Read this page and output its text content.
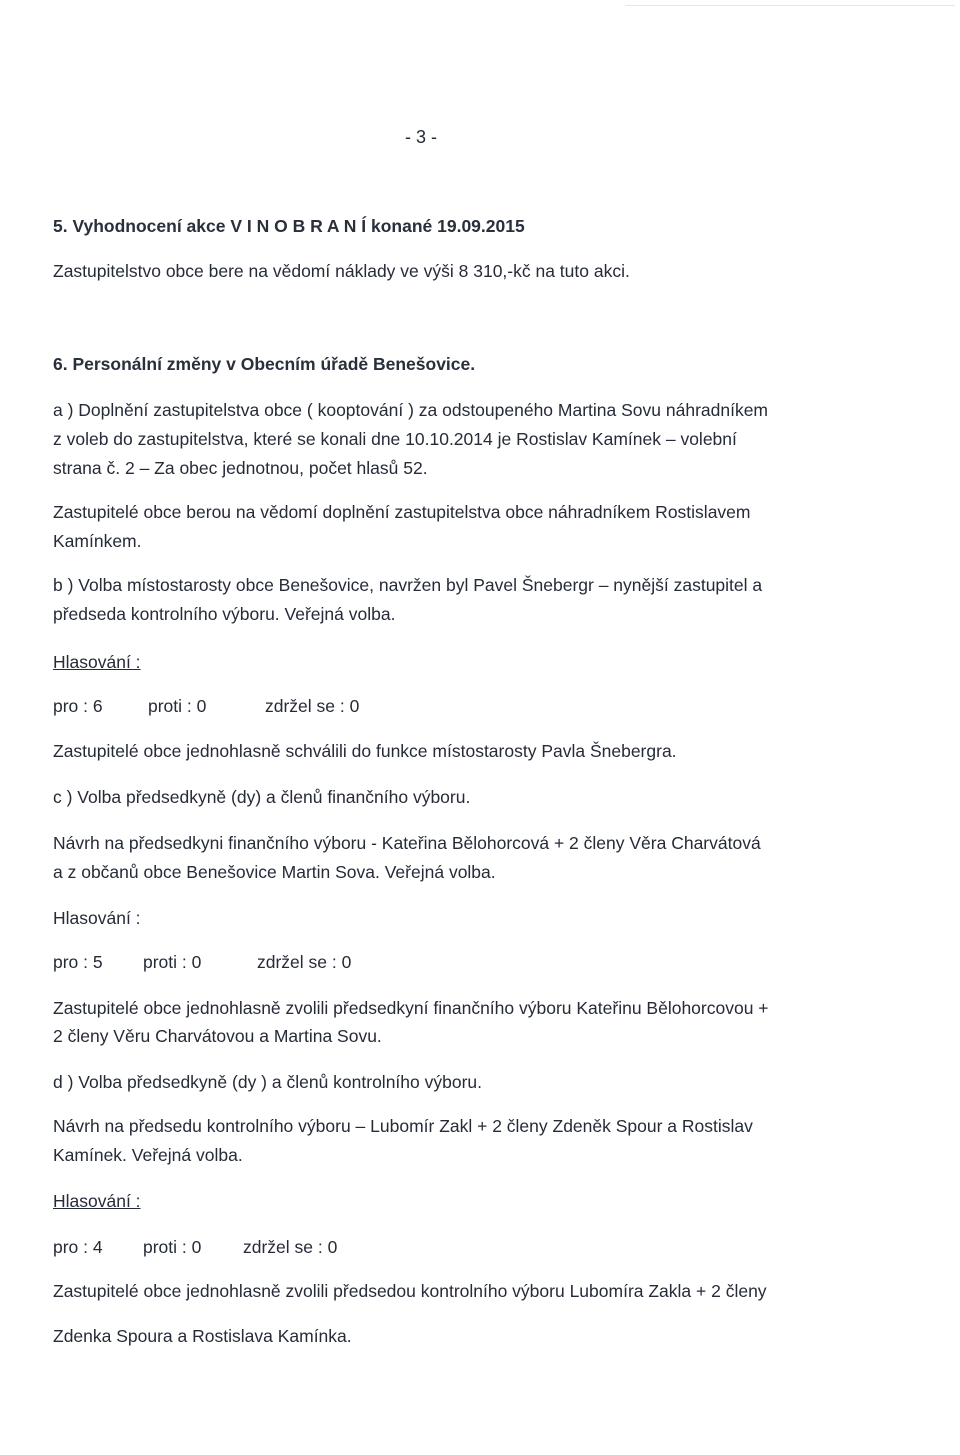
- 3 -
5. Vyhodnocení akce V I N O B R A N Í konané 19.09.2015
Zastupitelstvo obce bere na vědomí náklady ve výši 8 310,-kč na tuto akci.
6. Personální změny v Obecním úřadě Benešovice.
a ) Doplnění zastupitelstva obce ( kooptování ) za odstoupeného Martina Sovu náhradníkem
z voleb do zastupitelstva, které se konali dne 10.10.2014 je Rostislav Kamínek – volební
strana č. 2 – Za obec jednotnou, počet hlasů 52.
Zastupitelé obce berou na vědomí doplnění zastupitelstva obce náhradníkem Rostislavem
Kamínkem.
b ) Volba místostarosty obce Benešovice, navržen byl Pavel Šnebergr – nynější zastupitel a
předseda kontrolního výboru. Veřejná volba.
Hlasování :
pro : 6	proti : 0	zdržel se : 0
Zastupitelé obce jednohlasně schválili do funkce místostarosty Pavla Šnebergra.
c ) Volba předsedkyně (dy) a členů finančního výboru.
Návrh na předsedkyni finančního výboru - Kateřina Bělohorcová + 2 členy Věra Charvátová
a z občanů obce Benešovice Martin Sova. Veřejná volba.
Hlasování :
pro : 5 proti : 0	zdržel se : 0
Zastupitelé obce jednohlasně zvolili předsedkyní finančního výboru Kateřinu Bělohorcovou +
2 členy Věru Charvátovou a Martina Sovu.
d ) Volba předsedkyně (dy ) a členů kontrolního výboru.
Návrh na předsedu kontrolního výboru – Lubomír Zakl + 2 členy Zdeněk Spour a Rostislav
Kamínek. Veřejná volba.
Hlasování :
pro : 4 proti : 0 zdržel se : 0
Zastupitelé obce jednohlasně zvolili předsedou kontrolního výboru Lubomíra Zakla + 2 členy
Zdenka Spoura a Rostislava Kamínka.
